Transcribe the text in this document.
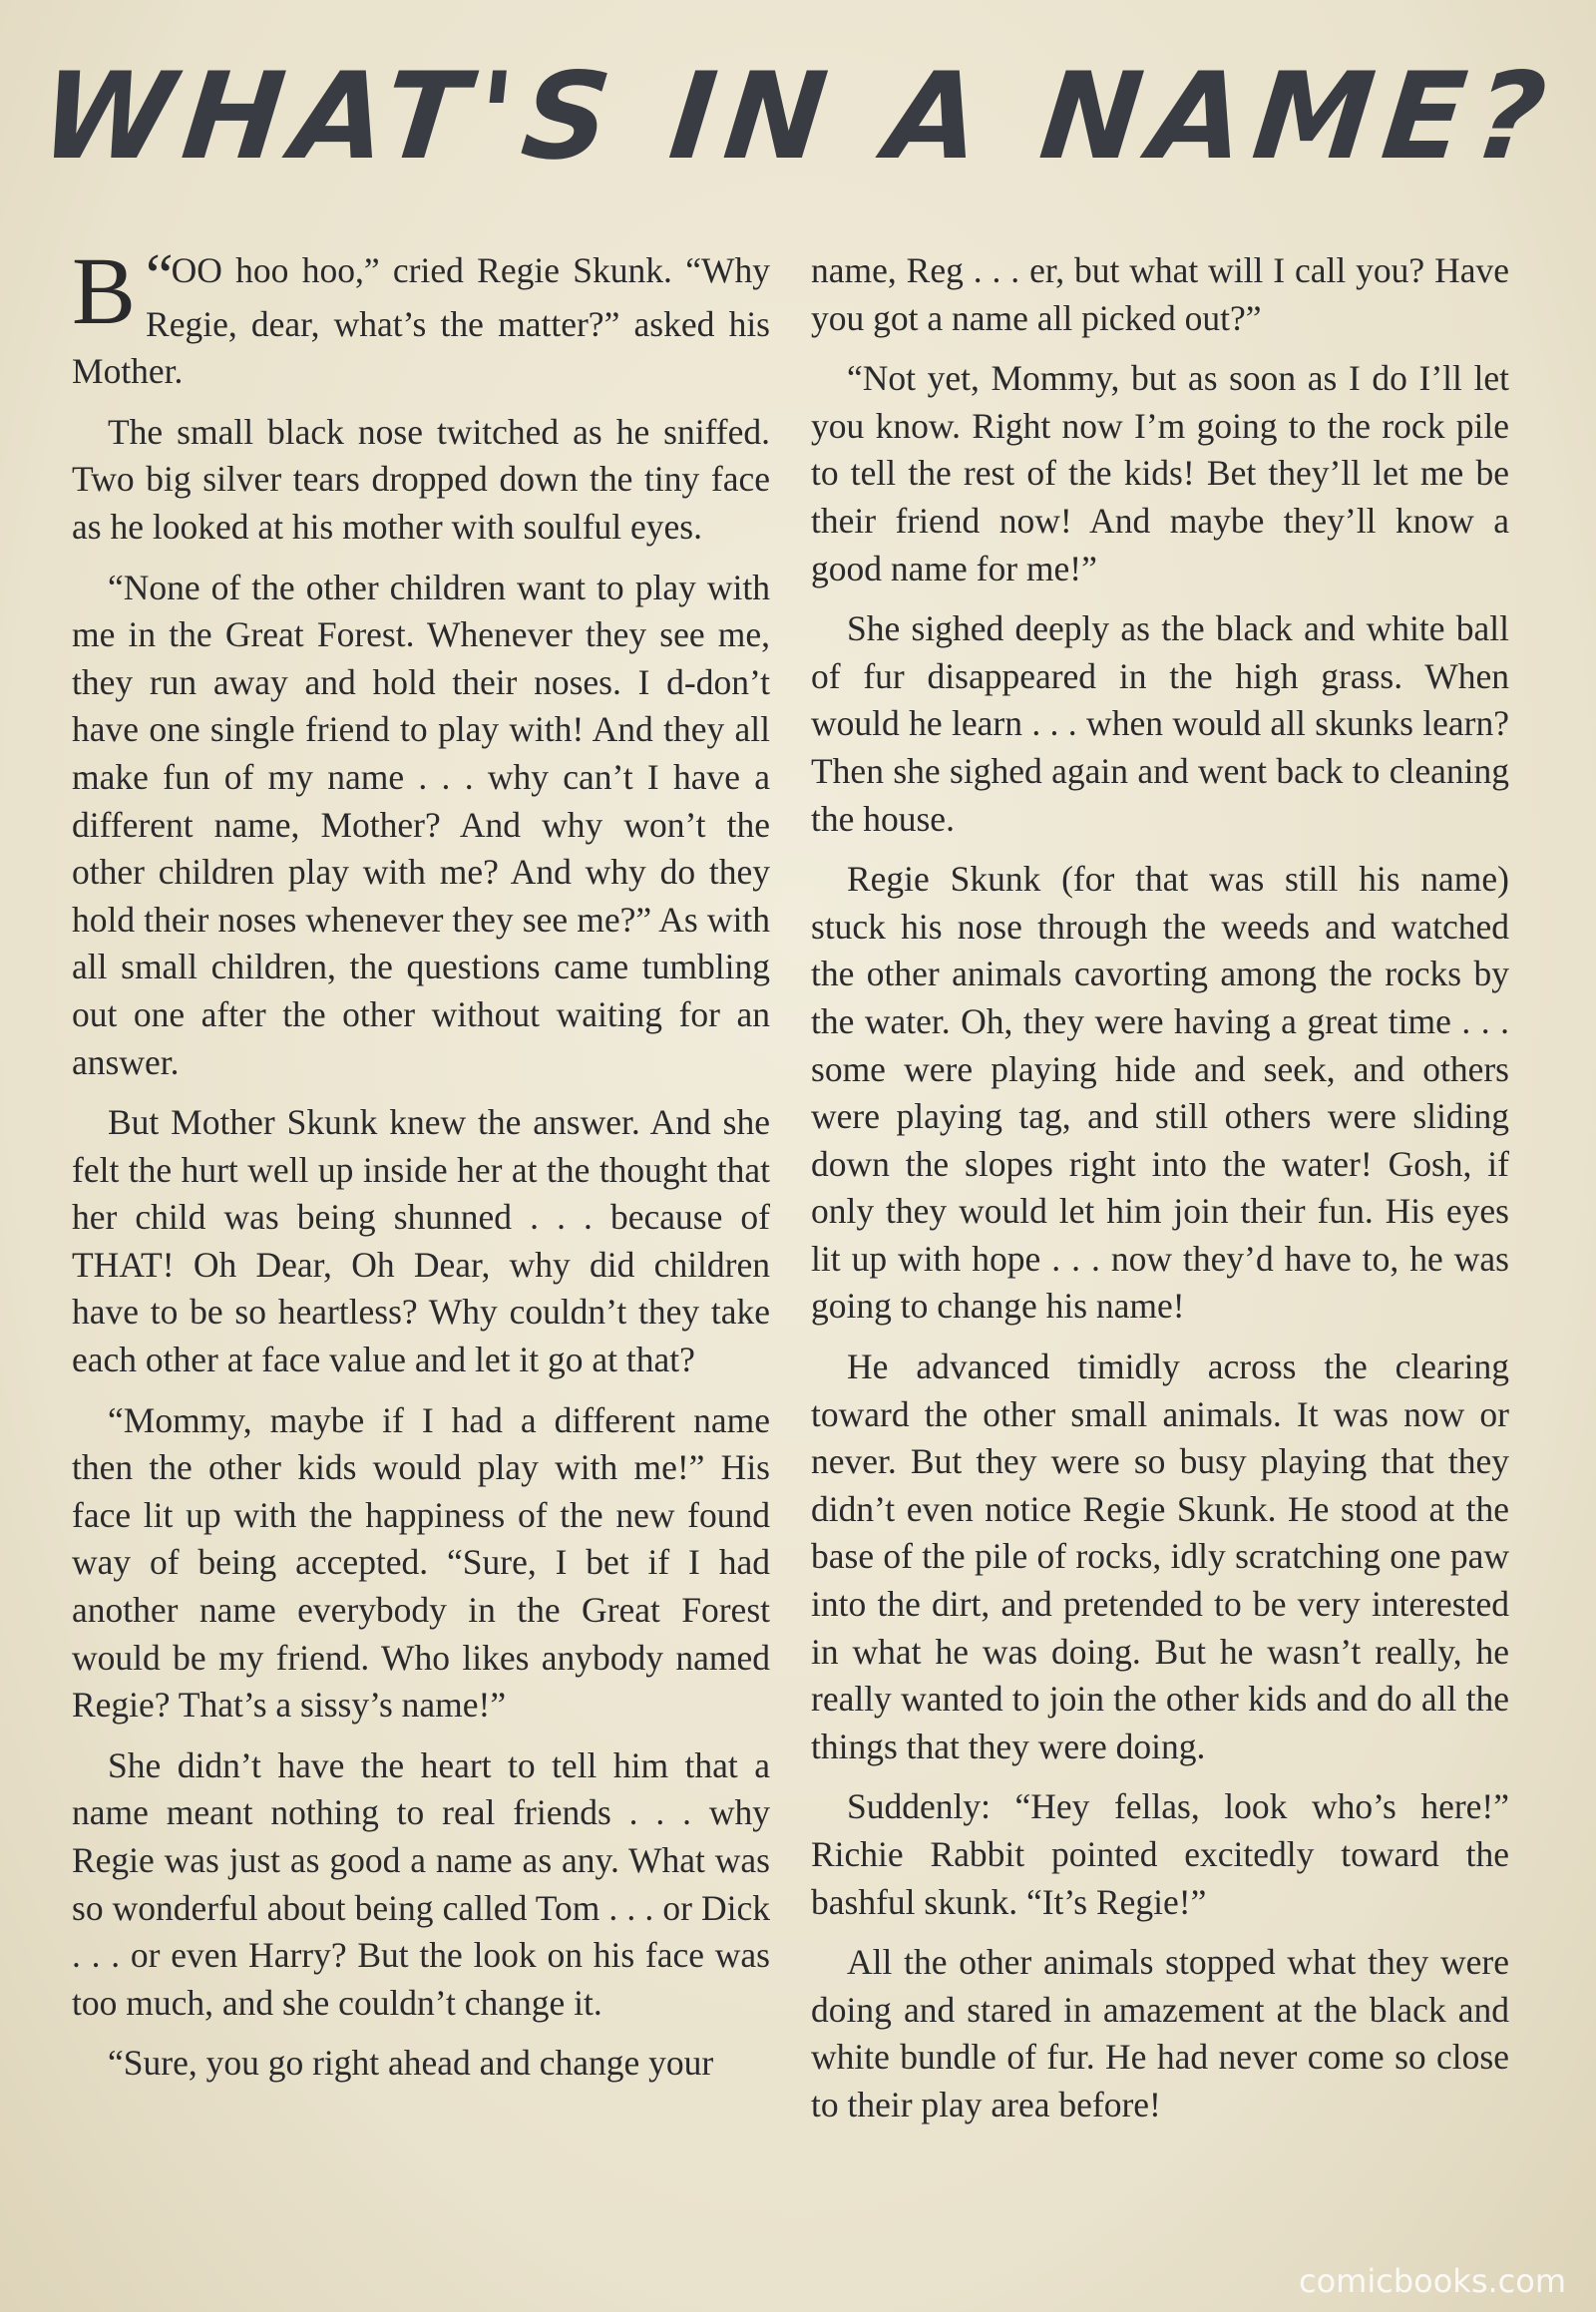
WHAT'S IN A NAME?

“
B OO hoo hoo,” cried Regie Skunk. “Why Regie, dear, what’s the matter?” asked his Mother.

The small black nose twitched as he sniffed. Two big silver tears dropped down the tiny face as he looked at his mother with soulful eyes.

“None of the other children want to play with me in the Great Forest. Whenever they see me, they run away and hold their noses. I d-don’t have one single friend to play with! And they all make fun of my name . . . why can’t I have a different name, Mother? And why won’t the other children play with me? And why do they hold their noses whenever they see me?” As with all small children, the questions came tumbling out one after the other without waiting for an answer.

But Mother Skunk knew the answer. And she felt the hurt well up inside her at the thought that her child was being shunned . . . because of THAT! Oh Dear, Oh Dear, why did children have to be so heartless? Why couldn’t they take each other at face value and let it go at that?

“Mommy, maybe if I had a different name then the other kids would play with me!” His face lit up with the happiness of the new found way of being accepted. “Sure, I bet if I had another name everybody in the Great Forest would be my friend. Who likes anybody named Regie? That’s a sissy’s name!”

She didn’t have the heart to tell him that a name meant nothing to real friends . . . why Regie was just as good a name as any. What was so wonderful about being called Tom . . . or Dick . . . or even Harry? But the look on his face was too much, and she couldn’t change it.

“Sure, you go right ahead and change your

name, Reg . . . er, but what will I call you? Have you got a name all picked out?”

“Not yet, Mommy, but as soon as I do I’ll let you know. Right now I’m going to the rock pile to tell the rest of the kids! Bet they’ll let me be their friend now! And maybe they’ll know a good name for me!”

She sighed deeply as the black and white ball of fur disappeared in the high grass. When would he learn . . . when would all skunks learn? Then she sighed again and went back to cleaning the house.

Regie Skunk (for that was still his name) stuck his nose through the weeds and watched the other animals cavorting among the rocks by the water. Oh, they were having a great time . . . some were playing hide and seek, and others were playing tag, and still others were sliding down the slopes right into the water! Gosh, if only they would let him join their fun. His eyes lit up with hope . . . now they’d have to, he was going to change his name!

He advanced timidly across the clearing toward the other small animals. It was now or never. But they were so busy playing that they didn’t even notice Regie Skunk. He stood at the base of the pile of rocks, idly scratching one paw into the dirt, and pretended to be very interested in what he was doing. But he wasn’t really, he really wanted to join the other kids and do all the things that they were doing.

Suddenly: “Hey fellas, look who’s here!” Richie Rabbit pointed excitedly toward the bashful skunk. “It’s Regie!”

All the other animals stopped what they were doing and stared in amazement at the black and white bundle of fur. He had never come so close to their play area before!

comicbooks.com
